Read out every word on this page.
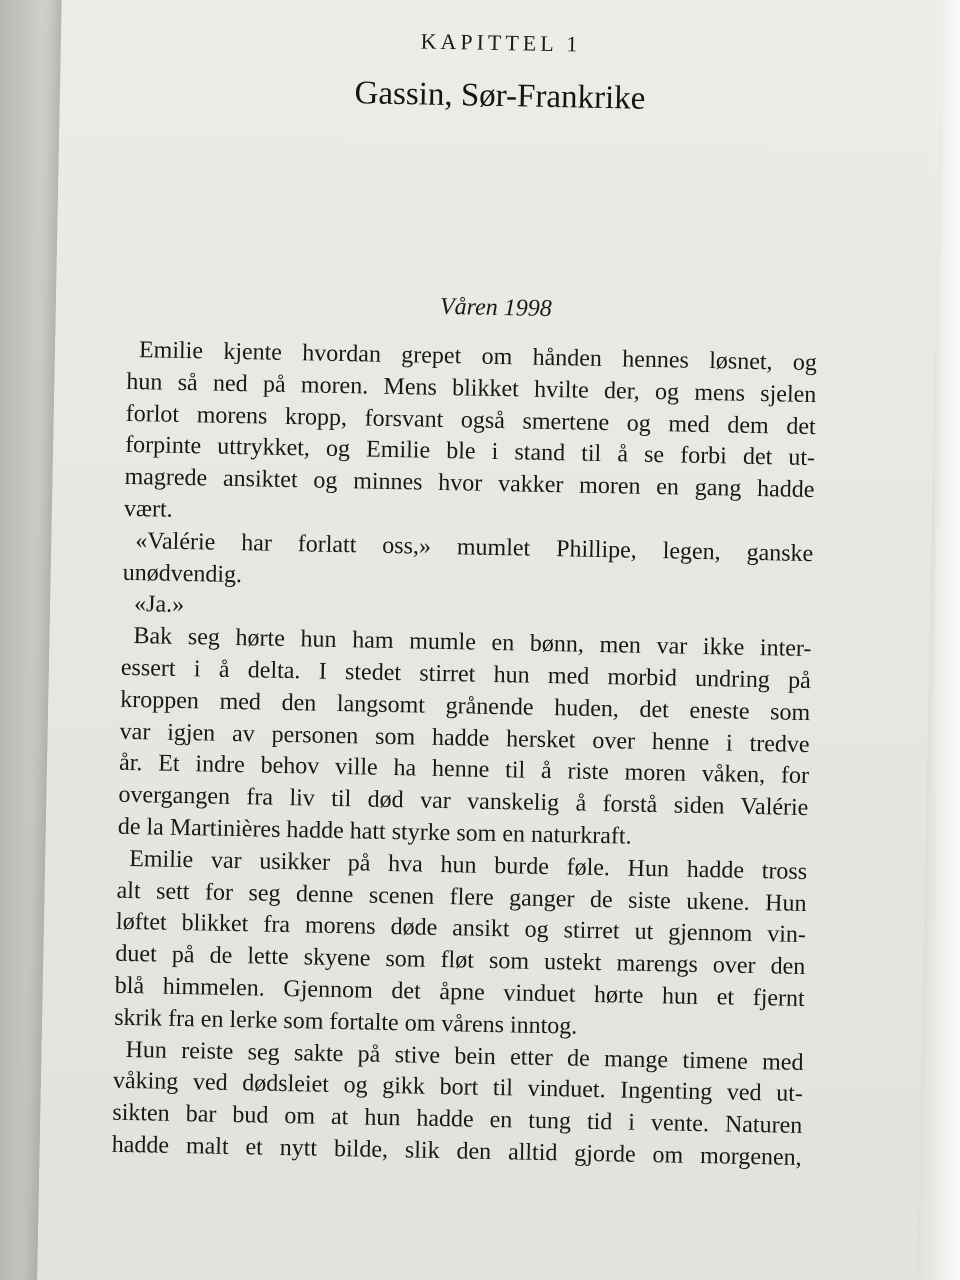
KAPITTEL 1
Gassin, Sør-Frankrike
Våren 1998
Emilie kjente hvordan grepet om hånden hennes løsnet, og
hun så ned på moren. Mens blikket hvilte der, og mens sjelen
forlot morens kropp, forsvant også smertene og med dem det
forpinte uttrykket, og Emilie ble i stand til å se forbi det ut-
magrede ansiktet og minnes hvor vakker moren en gang hadde
vært.
«Valérie har forlatt oss,» mumlet Phillipe, legen, ganske
unødvendig.
«Ja.»
Bak seg hørte hun ham mumle en bønn, men var ikke inter-
essert i å delta. I stedet stirret hun med morbid undring på
kroppen med den langsomt grånende huden, det eneste som
var igjen av personen som hadde hersket over henne i tredve
år. Et indre behov ville ha henne til å riste moren våken, for
overgangen fra liv til død var vanskelig å forstå siden Valérie
de la Martinières hadde hatt styrke som en naturkraft.
Emilie var usikker på hva hun burde føle. Hun hadde tross
alt sett for seg denne scenen flere ganger de siste ukene. Hun
løftet blikket fra morens døde ansikt og stirret ut gjennom vin-
duet på de lette skyene som fløt som ustekt marengs over den
blå himmelen. Gjennom det åpne vinduet hørte hun et fjernt
skrik fra en lerke som fortalte om vårens inntog.
Hun reiste seg sakte på stive bein etter de mange timene med
våking ved dødsleiet og gikk bort til vinduet. Ingenting ved ut-
sikten bar bud om at hun hadde en tung tid i vente. Naturen
hadde malt et nytt bilde, slik den alltid gjorde om morgenen,
